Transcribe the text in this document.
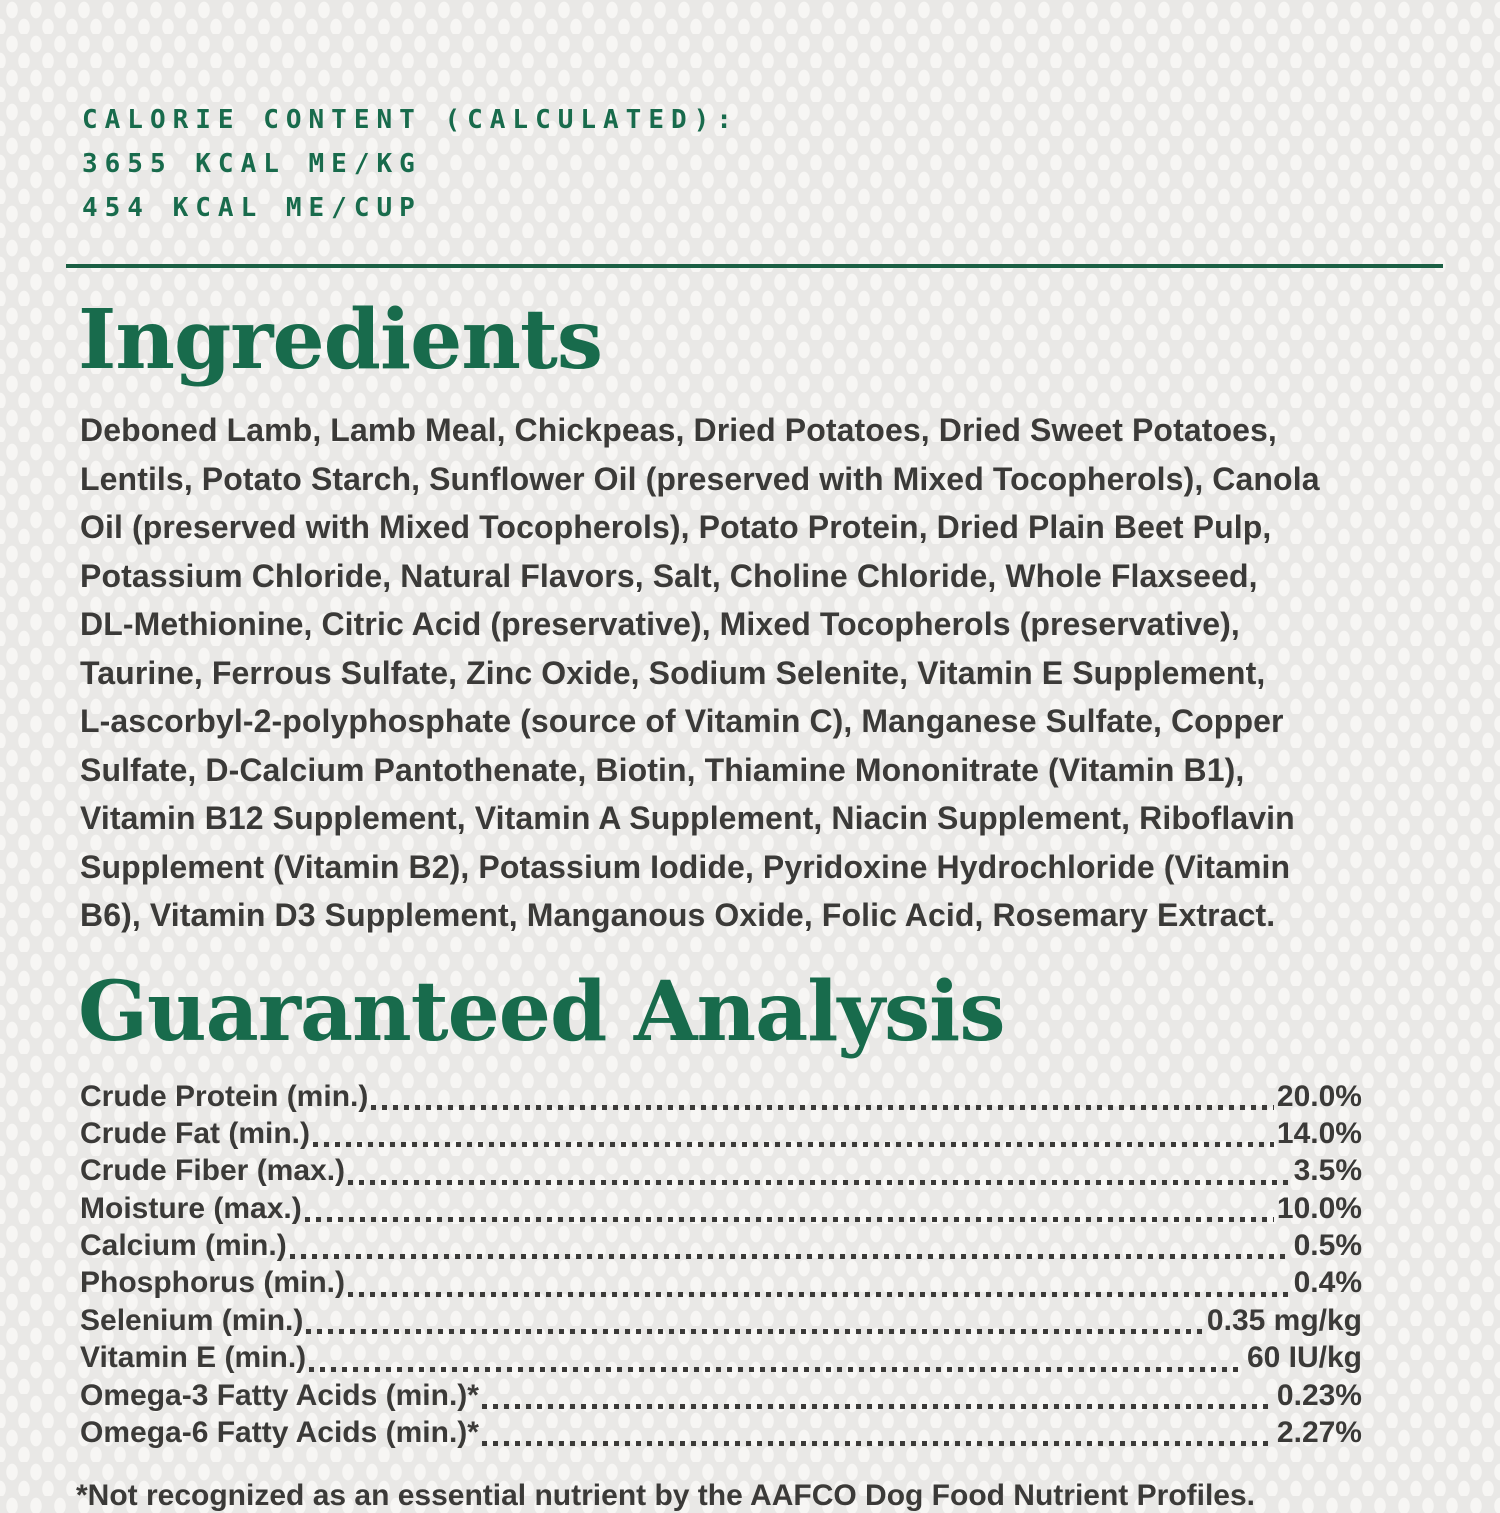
CALORIE CONTENT (CALCULATED):
3655 KCAL ME/KG
454 KCAL ME/CUP
Ingredients
Deboned Lamb, Lamb Meal, Chickpeas, Dried Potatoes, Dried Sweet Potatoes,
Lentils, Potato Starch, Sunflower Oil (preserved with Mixed Tocopherols), Canola
Oil (preserved with Mixed Tocopherols), Potato Protein, Dried Plain Beet Pulp,
Potassium Chloride, Natural Flavors, Salt, Choline Chloride, Whole Flaxseed,
DL-Methionine, Citric Acid (preservative), Mixed Tocopherols (preservative),
Taurine, Ferrous Sulfate, Zinc Oxide, Sodium Selenite, Vitamin E Supplement,
L-ascorbyl-2-polyphosphate (source of Vitamin C), Manganese Sulfate, Copper
Sulfate, D-Calcium Pantothenate, Biotin, Thiamine Mononitrate (Vitamin B1),
Vitamin B12 Supplement, Vitamin A Supplement, Niacin Supplement, Riboflavin
Supplement (Vitamin B2), Potassium Iodide, Pyridoxine Hydrochloride (Vitamin
B6), Vitamin D3 Supplement, Manganous Oxide, Folic Acid, Rosemary Extract.
Guaranteed Analysis
Crude Protein (min.)	20.0%
Crude Fat (min.)	14.0%
Crude Fiber (max.)	3.5%
Moisture (max.)	10.0%
Calcium (min.)	0.5%
Phosphorus (min.)	0.4%
Selenium (min.)	0.35 mg/kg
Vitamin E (min.)	60 IU/kg
Omega-3 Fatty Acids (min.)*	0.23%
Omega-6 Fatty Acids (min.)*	2.27%
*Not recognized as an essential nutrient by the AAFCO Dog Food Nutrient Profiles.
